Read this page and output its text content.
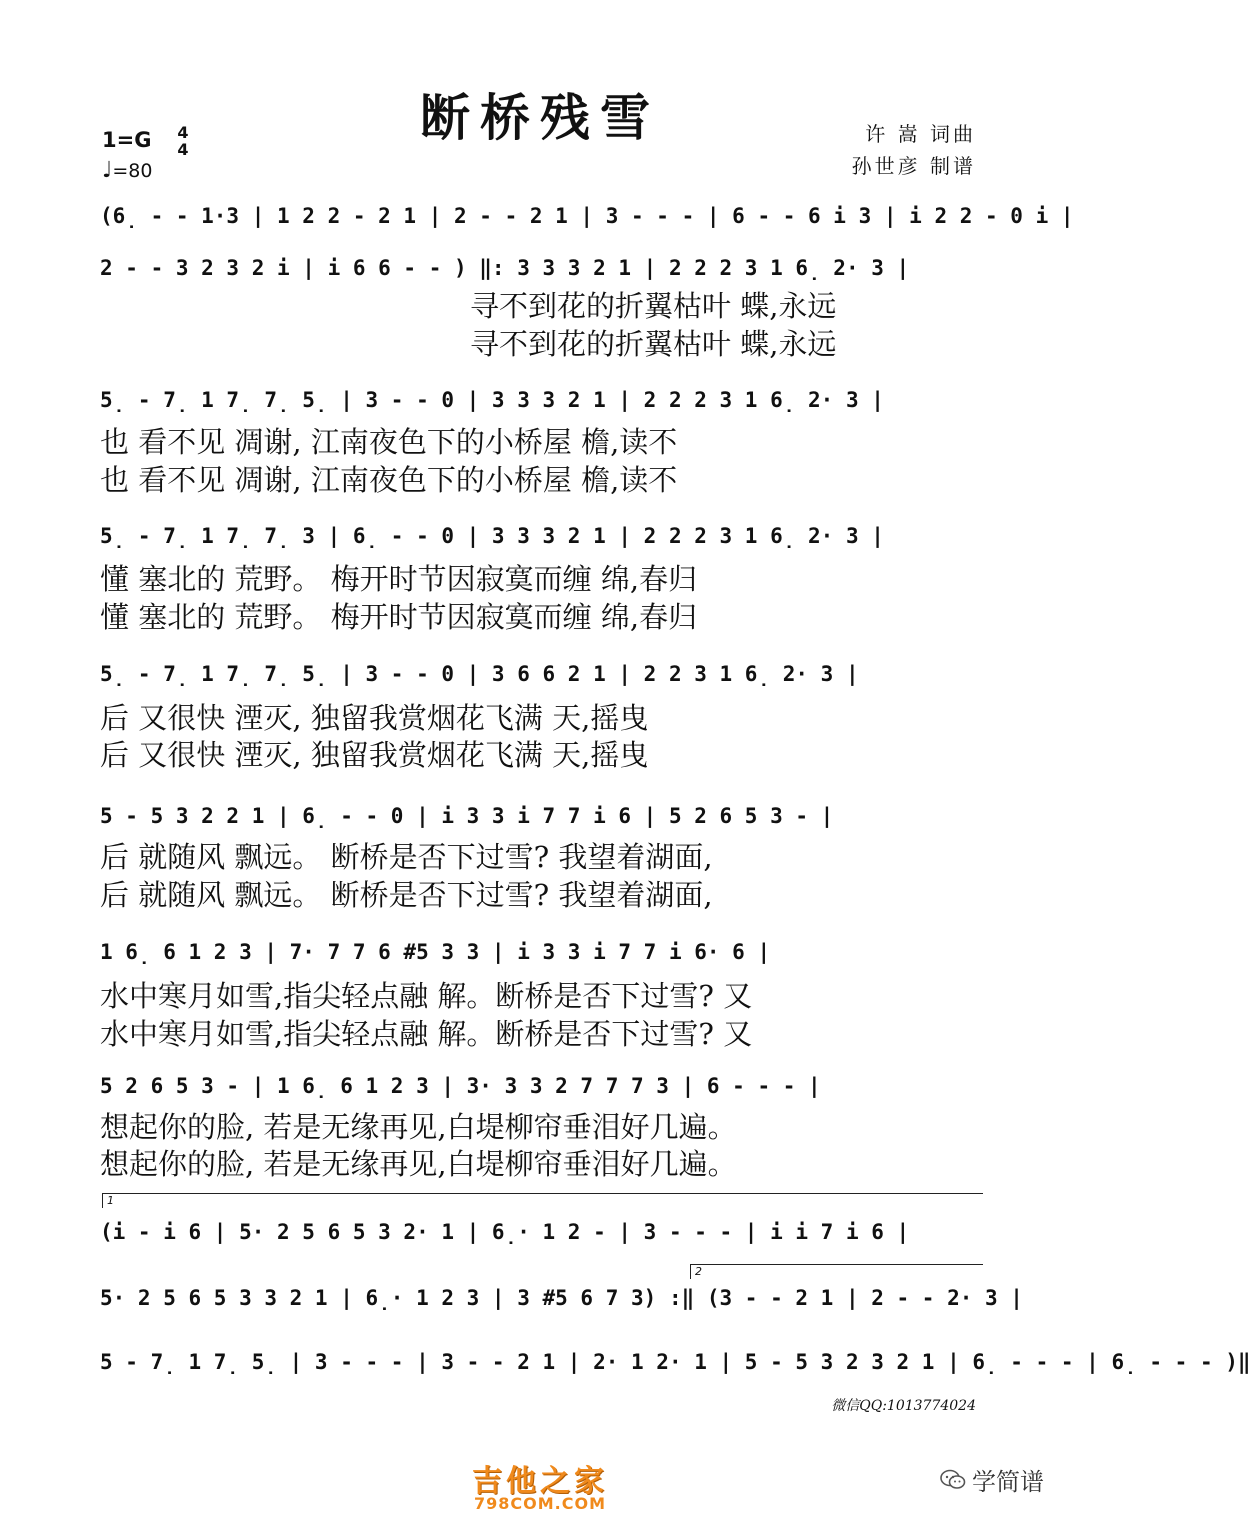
断桥残雪
1=G 4
4
♩=80
许 嵩 词曲
孙世彦 制谱
(6̣ - - 1·3 | 1 2 2 - 2 1 | 2 - - 2 1 | 3 - - - | 6 - - 6 i 3 | i 2 2 - 0 i |
2 - - 3 2 3 2 i | i 6 6 - - ) ‖: 3 3 3 2 1 | 2 2 2 3 1 6̣ 2· 3 |
寻不到花的折翼枯叶 蝶,永远
寻不到花的折翼枯叶 蝶,永远
5̣ - 7̣ 1 7̣ 7̣ 5̣ | 3 - - 0 | 3 3 3 2 1 | 2 2 2 3 1 6̣ 2· 3 |
也 看不见 凋谢, 江南夜色下的小桥屋 檐,读不
也 看不见 凋谢, 江南夜色下的小桥屋 檐,读不
5̣ - 7̣ 1 7̣ 7̣ 3 | 6̣ - - 0 | 3 3 3 2 1 | 2 2 2 3 1 6̣ 2· 3 |
懂 塞北的 荒野。 梅开时节因寂寞而缠 绵,春归
懂 塞北的 荒野。 梅开时节因寂寞而缠 绵,春归
5̣ - 7̣ 1 7̣ 7̣ 5̣ | 3 - - 0 | 3 6 6 2 1 | 2 2 3 1 6̣ 2· 3 |
后 又很快 湮灭, 独留我赏烟花飞满 天,摇曳
后 又很快 湮灭, 独留我赏烟花飞满 天,摇曳
5 - 5 3 2 2 1 | 6̣ - - 0 | i 3 3 i 7 7 i 6 | 5 2 6 5 3 - |
后 就随风 飘远。 断桥是否下过雪? 我望着湖面,
后 就随风 飘远。 断桥是否下过雪? 我望着湖面,
1 6̣ 6 1 2 3 | 7· 7 7 6 #5 3 3 | i 3 3 i 7 7 i 6· 6 |
水中寒月如雪,指尖轻点融 解。断桥是否下过雪? 又
水中寒月如雪,指尖轻点融 解。断桥是否下过雪? 又
5 2 6 5 3 - | 1 6̣ 6 1 2 3 | 3· 3 3 2 7 7 7 3 | 6 - - - |
想起你的脸, 若是无缘再见,白堤柳帘垂泪好几遍。
想起你的脸, 若是无缘再见,白堤柳帘垂泪好几遍。
1
(i - i 6 | 5· 2 5 6 5 3 2· 1 | 6̣· 1 2 - | 3 - - - | i i 7 i 6 |
2
5· 2 5 6 5 3 3 2 1 | 6̣· 1 2 3 | 3 #5 6 7 3) :‖ (3 - - 2 1 | 2 - - 2· 3 |
5 - 7̣ 1 7̣ 5̣ | 3 - - - | 3 - - 2 1 | 2· 1 2· 1 | 5 - 5 3 2 3 2 1 | 6̣ - - - | 6̣ - - - )‖
微信QQ:1013774024
吉他之家
798COM.COM
学简谱
